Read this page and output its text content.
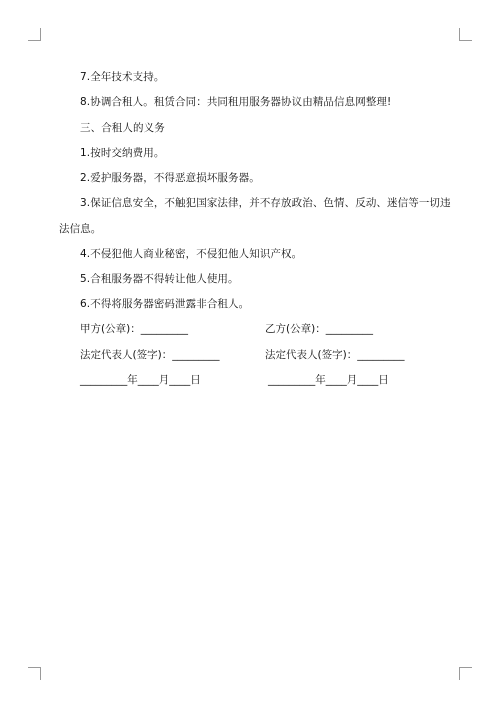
7.全年技术支持。
8.协调合租人。租赁合同：共同租用服务器协议由精品信息网整理!
三、合租人的义务
1.按时交纳费用。
2.爱护服务器，不得恶意损坏服务器。
3.保证信息安全，不触犯国家法律，并不存放政治、色情、反动、迷信等一切违
法信息。
4.不侵犯他人商业秘密，不侵犯他人知识产权。
5.合租服务器不得转让他人使用。
6.不得将服务器密码泄露非合租人。
甲方(公章)：_________	乙方(公章)：_________
法定代表人(签字)：_________	法定代表人(签字)：_________
_________年____月____日	_________年____月____日
